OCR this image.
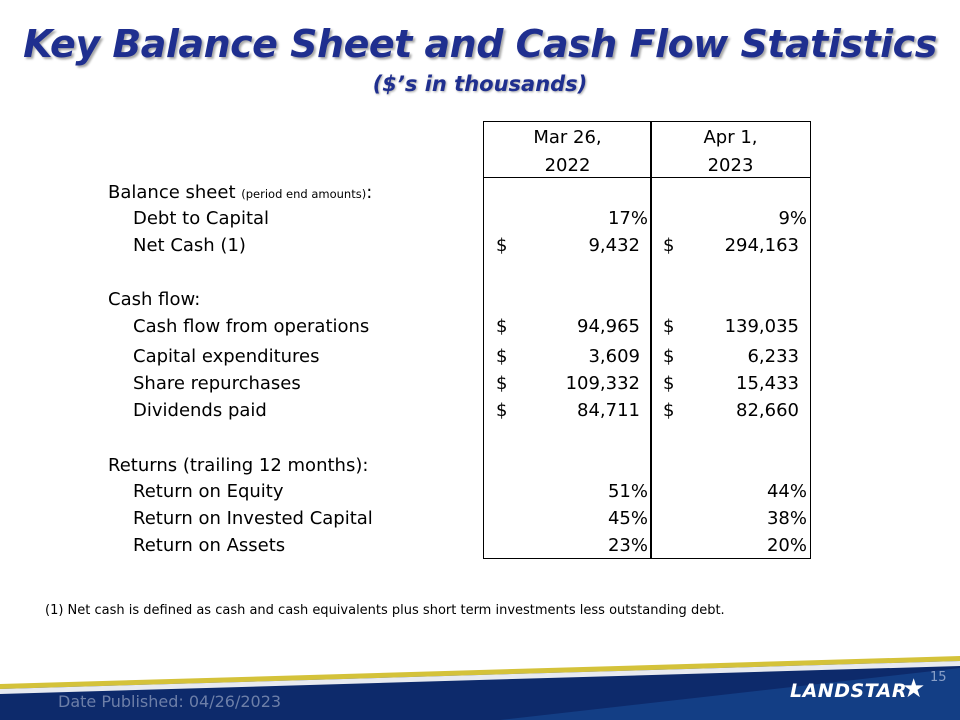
Key Balance Sheet and Cash Flow Statistics
($’s in thousands)
Mar 26,
2022
Apr 1,
2023
Balance sheet (period end amounts):
Debt to Capital	17%	9%
Net Cash (1)	$	9,432 $	294,163
Cash flow:
Cash flow from operations	$	94,965 $	139,035
Capital expenditures	$	3,609 $	6,233
Share repurchases	$	109,332 $	15,433
Dividends paid	$	84,711 $	82,660
Returns (trailing 12 months):
Return on Equity	51%	44%
Return on Invested Capital	45%	38%
Return on Assets	23%	20%
(1) Net cash is defined as cash and cash equivalents plus short term investments less outstanding debt.
Date Published: 04/26/2023
15
LANDSTAR
★
